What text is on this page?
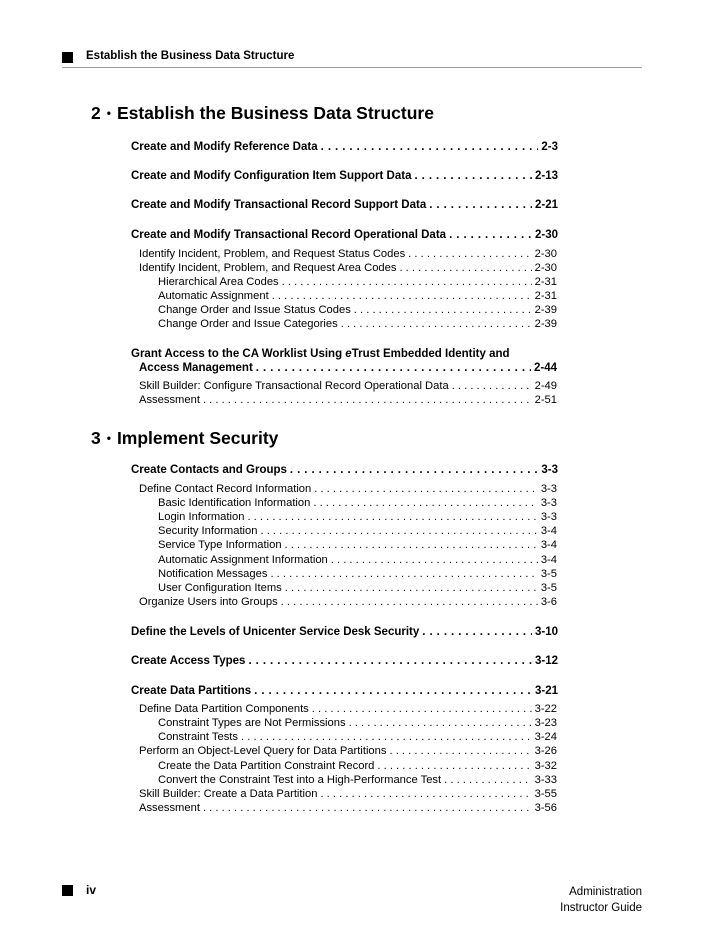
Establish the Business Data Structure
2 • Establish the Business Data Structure
Create and Modify Reference Data . . .	2-3
Create and Modify Configuration Item Support Data . . .	2-13
Create and Modify Transactional Record Support Data . . .	2-21
Create and Modify Transactional Record Operational Data . . .	2-30
Identify Incident, Problem, and Request Status Codes . . .	2-30
Identify Incident, Problem, and Request Area Codes . . .	2-30
Hierarchical Area Codes . . .	2-31
Automatic Assignment . . .	2-31
Change Order and Issue Status Codes . . .	2-39
Change Order and Issue Categories . . .	2-39
Grant Access to the CA Worklist Using eTrust Embedded Identity and
Access Management . . .	2-44
Skill Builder: Configure Transactional Record Operational Data . . .	2-49
Assessment . . .	2-51
3 • Implement Security
Create Contacts and Groups . . .	3-3
Define Contact Record Information . . .	3-3
Basic Identification Information . . .	3-3
Login Information . . .	3-3
Security Information . . .	3-4
Service Type Information . . .	3-4
Automatic Assignment Information . . .	3-4
Notification Messages . . .	3-5
User Configuration Items . . .	3-5
Organize Users into Groups . . .	3-6
Define the Levels of Unicenter Service Desk Security . . .	3-10
Create Access Types . . .	3-12
Create Data Partitions . . .	3-21
Define Data Partition Components . . .	3-22
Constraint Types are Not Permissions . . .	3-23
Constraint Tests . . .	3-24
Perform an Object-Level Query for Data Partitions . . .	3-26
Create the Data Partition Constraint Record . . .	3-32
Convert the Constraint Test into a High-Performance Test . . .	3-33
Skill Builder: Create a Data Partition . . .	3-55
Assessment . . .	3-56
iv	Administration
Instructor Guide
